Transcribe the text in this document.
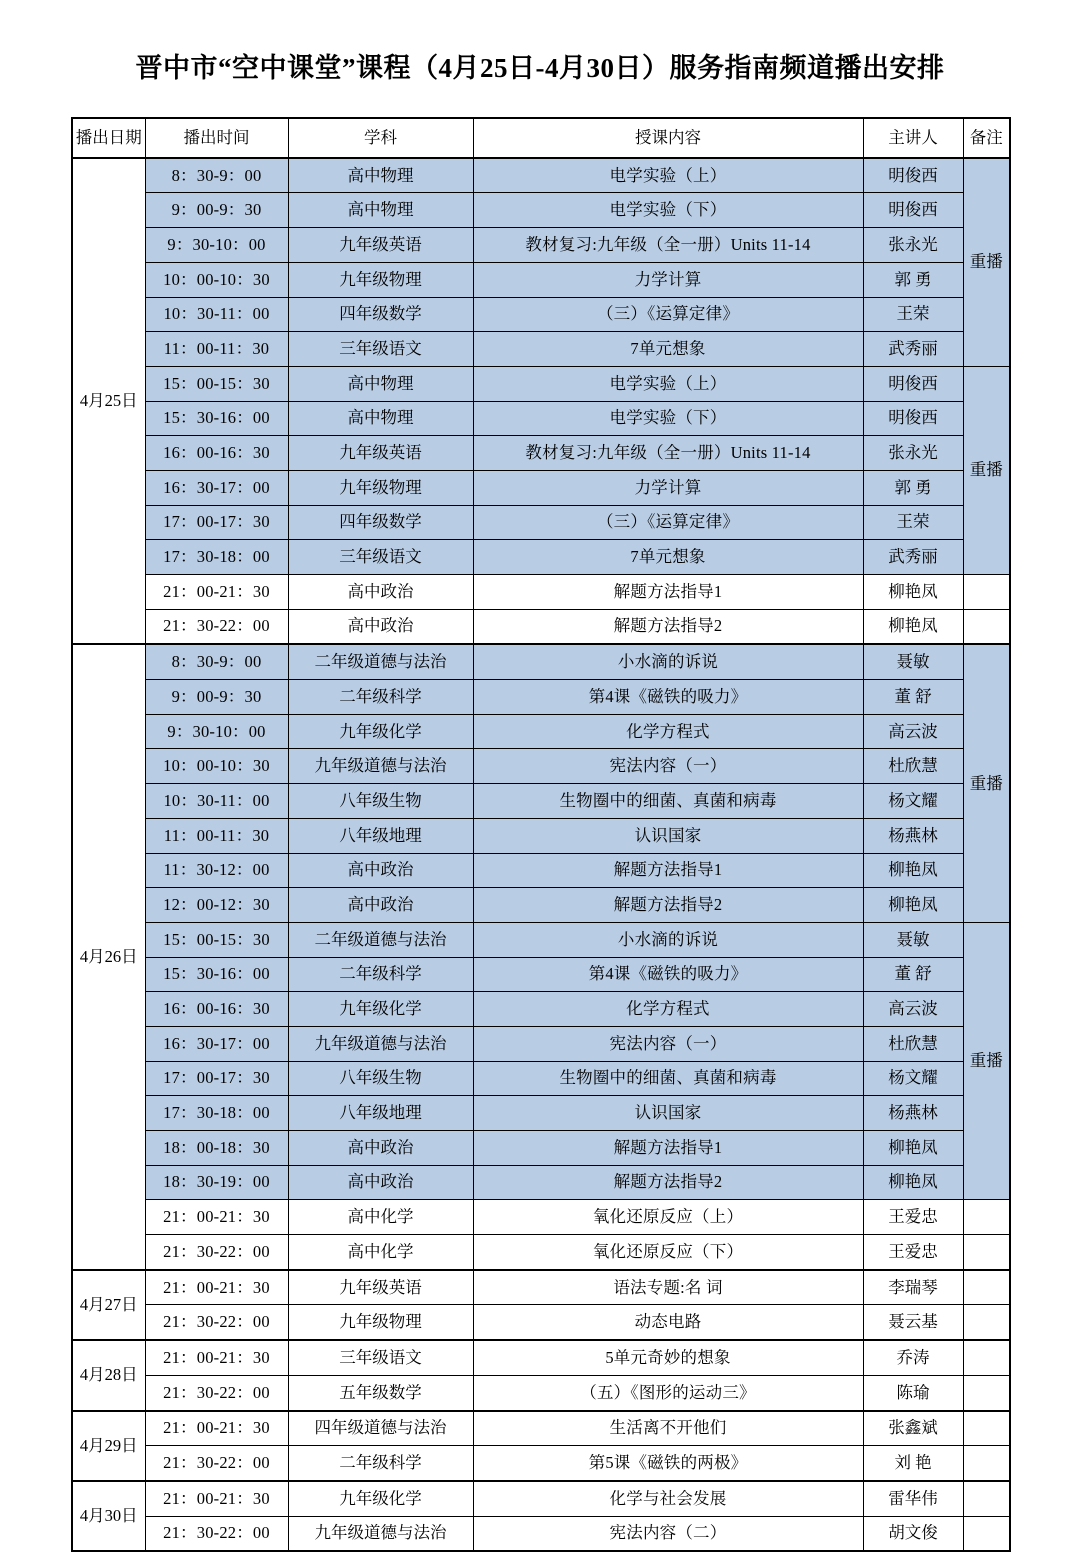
晋中市“空中课堂”课程（4月25日-4月30日）服务指南频道播出安排
播出日期	播出时间	学科	授课内容	主讲人	备注
4月25日	8：30-9：00	高中物理	电学实验（上）	明俊西	重播
	9：00-9：30	高中物理	电学实验（下）	明俊西	
	9：30-10：00	九年级英语	教材复习:九年级（全一册）Units 11-14	张永光	
	10：00-10：30	九年级物理	力学计算	郭 勇	
	10：30-11：00	四年级数学	（三）《运算定律》	王荣	
	11：00-11：30	三年级语文	7单元想象	武秀丽	
	15：00-15：30	高中物理	电学实验（上）	明俊西	重播
	15：30-16：00	高中物理	电学实验（下）	明俊西	
	16：00-16：30	九年级英语	教材复习:九年级（全一册）Units 11-14	张永光	
	16：30-17：00	九年级物理	力学计算	郭 勇	
	17：00-17：30	四年级数学	（三）《运算定律》	王荣	
	17：30-18：00	三年级语文	7单元想象	武秀丽	
	21：00-21：30	高中政治	解题方法指导1	柳艳凤	
	21：30-22：00	高中政治	解题方法指导2	柳艳凤	
4月26日	8：30-9：00	二年级道德与法治	小水滴的诉说	聂敏	重播
	9：00-9：30	二年级科学	第4课《磁铁的吸力》	董 舒	
	9：30-10：00	九年级化学	化学方程式	高云波	
	10：00-10：30	九年级道德与法治	宪法内容（一）	杜欣慧	
	10：30-11：00	八年级生物	生物圈中的细菌、真菌和病毒	杨文耀	
	11：00-11：30	八年级地理	认识国家	杨燕林	
	11：30-12：00	高中政治	解题方法指导1	柳艳凤	
	12：00-12：30	高中政治	解题方法指导2	柳艳凤	
	15：00-15：30	二年级道德与法治	小水滴的诉说	聂敏	重播
	15：30-16：00	二年级科学	第4课《磁铁的吸力》	董 舒	
	16：00-16：30	九年级化学	化学方程式	高云波	
	16：30-17：00	九年级道德与法治	宪法内容（一）	杜欣慧	
	17：00-17：30	八年级生物	生物圈中的细菌、真菌和病毒	杨文耀	
	17：30-18：00	八年级地理	认识国家	杨燕林	
	18：00-18：30	高中政治	解题方法指导1	柳艳凤	
	18：30-19：00	高中政治	解题方法指导2	柳艳凤	
	21：00-21：30	高中化学	氧化还原反应（上）	王爱忠	
	21：30-22：00	高中化学	氧化还原反应（下）	王爱忠	
4月27日	21：00-21：30	九年级英语	语法专题:名 词	李瑞琴	
	21：30-22：00	九年级物理	动态电路	聂云基	
4月28日	21：00-21：30	三年级语文	5单元奇妙的想象	乔涛	
	21：30-22：00	五年级数学	（五）《图形的运动三》	陈瑜	
4月29日	21：00-21：30	四年级道德与法治	生活离不开他们	张鑫斌	
	21：30-22：00	二年级科学	第5课《磁铁的两极》	刘 艳	
4月30日	21：00-21：30	九年级化学	化学与社会发展	雷华伟	
	21：30-22：00	九年级道德与法治	宪法内容（二）	胡文俊	
